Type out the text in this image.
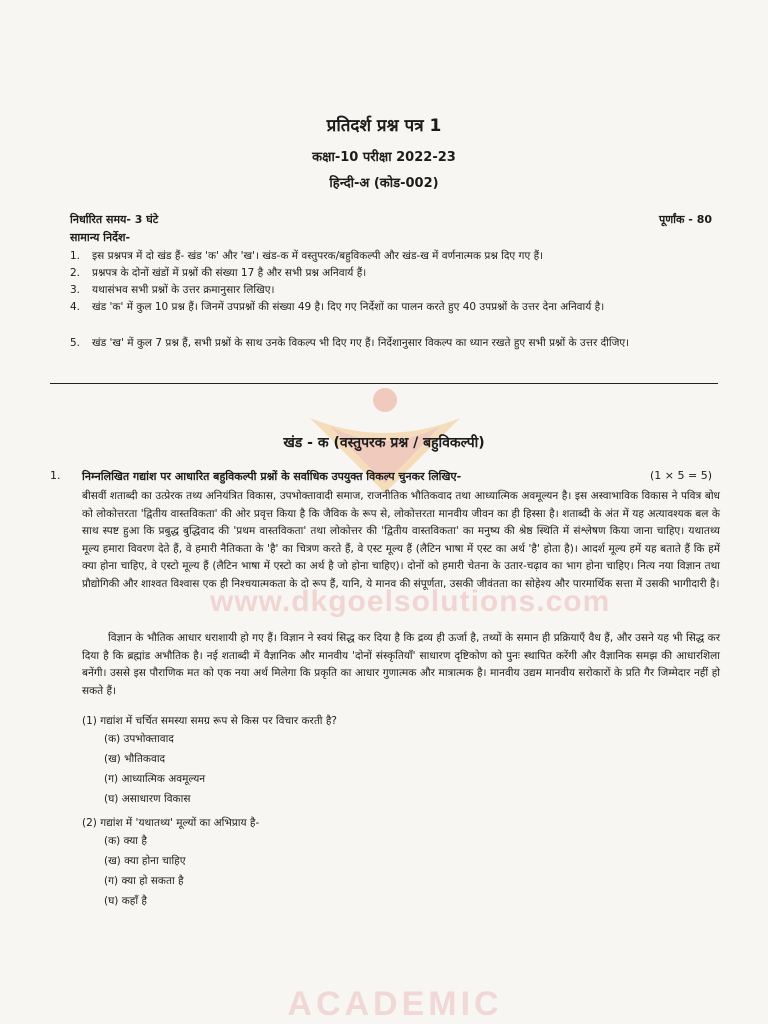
www.dkgoelsolutions.com
ACADEMIC
प्रतिदर्श प्रश्न पत्र 1
कक्षा-10 परीक्षा 2022-23
हिन्दी-अ (कोड-002)
निर्धारित समय- 3 घंटे	पूर्णांक - 80
सामान्य निर्देश-
1. इस प्रश्नपत्र में दो खंड हैं- खंड 'क' और 'ख'। खंड-क में वस्तुपरक/बहुविकल्पी और खंड-ख में वर्णनात्मक प्रश्न दिए गए हैं।
2. प्रश्नपत्र के दोनों खंडों में प्रश्नों की संख्या 17 है और सभी प्रश्न अनिवार्य हैं।
3. यथासंभव सभी प्रश्नों के उत्तर क्रमानुसार लिखिए।
4. खंड 'क' में कुल 10 प्रश्न हैं। जिनमें उपप्रश्नों की संख्या 49 है। दिए गए निर्देशों का पालन करते हुए 40 उपप्रश्नों के उत्तर देना अनिवार्य है।
5. खंड 'ख' में कुल 7 प्रश्न हैं, सभी प्रश्नों के साथ उनके विकल्प भी दिए गए हैं। निर्देशानुसार विकल्प का ध्यान रखते हुए सभी प्रश्नों के उत्तर दीजिए।
खंड - क (वस्तुपरक प्रश्न / बहुविकल्पी)
1. निम्नलिखित गद्यांश पर आधारित बहुविकल्पी प्रश्नों के सर्वाधिक उपयुक्त विकल्प चुनकर लिखिए-	(1 × 5 = 5)
बीसवीं शताब्दी का उत्प्रेरक तथ्य अनियंत्रित विकास, उपभोक्तावादी समाज, राजनीतिक भौतिकवाद तथा आध्यात्मिक अवमूल्यन है। इस अस्वाभाविक विकास ने पवित्र बोध को लोकोत्तरता 'द्वितीय वास्तविकता' की ओर प्रवृत्त किया है कि जैविक के रूप से, लोकोत्तरता मानवीय जीवन का ही हिस्सा है। शताब्दी के अंत में यह अत्यावश्यक बल के साथ स्पष्ट हुआ कि प्रबुद्ध बुद्धिवाद की 'प्रथम वास्तविकता' तथा लोकोत्तर की 'द्वितीय वास्तविकता' का मनुष्य की श्रेष्ठ स्थिति में संश्लेषण किया जाना चाहिए। यथातथ्य मूल्य हमारा विवरण देते हैं, वे हमारी नैतिकता के 'है' का चित्रण करते हैं, वे एस्ट मूल्य हैं (लैटिन भाषा में एस्ट का अर्थ 'है' होता है)। आदर्श मूल्य हमें यह बताते हैं कि हमें क्या होना चाहिए, वे एस्टो मूल्य हैं (लैटिन भाषा में एस्टो का अर्थ है जो होना चाहिए)। दोनों को हमारी चेतना के उतार-चढ़ाव का भाग होना चाहिए। नित्य नया विज्ञान तथा प्रौद्योगिकी और शाश्वत विश्वास एक ही निश्चयात्मकता के दो रूप हैं, यानि, ये मानव की संपूर्णता, उसकी जीवंतता का सोहेश्य और पारमार्थिक सत्ता में उसकी भागीदारी है।
विज्ञान के भौतिक आधार धराशायी हो गए हैं। विज्ञान ने स्वयं सिद्ध कर दिया है कि द्रव्य ही ऊर्जा है, तथ्यों के समान ही प्रक्रियाएँ वैध हैं, और उसने यह भी सिद्ध कर दिया है कि ब्रह्मांड अभौतिक है। नई शताब्दी में वैज्ञानिक और मानवीय 'दोनों संस्कृतियाँ' साधारण दृष्टिकोण को पुनः स्थापित करेंगी और वैज्ञानिक समझ की आधारशिला बनेंगी। उससे इस पौराणिक मत को एक नया अर्थ मिलेगा कि प्रकृति का आधार गुणात्मक और मात्रात्मक है। मानवीय उद्यम मानवीय सरोकारों के प्रति गैर जिम्मेदार नहीं हो सकते हैं।
(1) गद्यांश में चर्चित समस्या समग्र रूप से किस पर विचार करती है?
(क) उपभोक्तावाद
(ख) भौतिकवाद
(ग) आध्यात्मिक अवमूल्यन
(घ) असाधारण विकास
(2) गद्यांश में 'यथातथ्य' मूल्यों का अभिप्राय है-
(क) क्या है
(ख) क्या होना चाहिए
(ग) क्या हो सकता है
(घ) कहाँ है
